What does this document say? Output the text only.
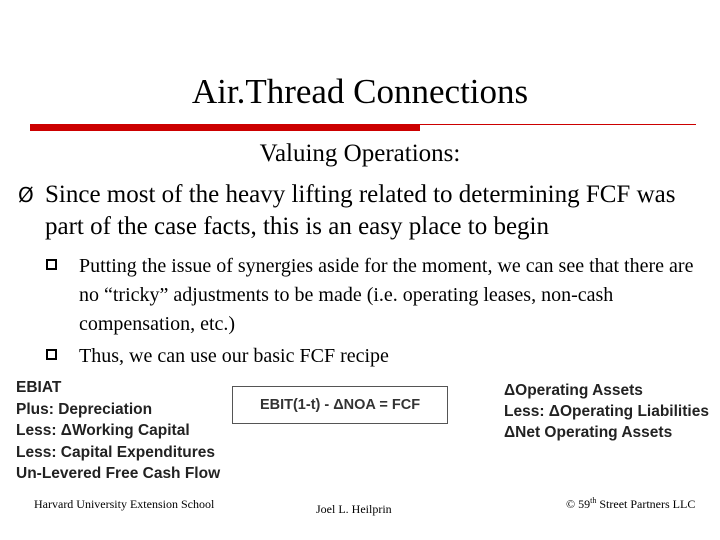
Air.Thread Connections
Valuing Operations:
Ø Since most of the heavy lifting related to determining FCF was part of the case facts, this is an easy place to begin
Putting the issue of synergies aside for the moment, we can see that there are no “tricky” adjustments to be made (i.e. operating leases, non-cash compensation, etc.)
Thus, we can use our basic FCF recipe
EBIAT
Plus: Depreciation
Less: ΔWorking Capital
Less: Capital Expenditures
Un-Levered Free Cash Flow
EBIT(1-t) - ΔNOA = FCF
ΔOperating Assets
Less: ΔOperating Liabilities
ΔNet Operating Assets
Harvard University Extension School	Joel L. Heilprin	© 59th Street Partners LLC
